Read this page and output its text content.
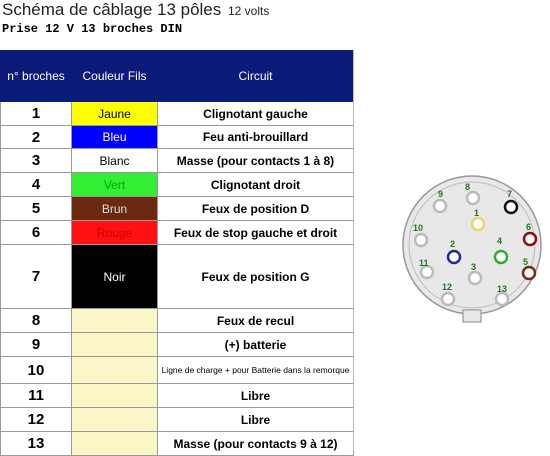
Schéma de câblage 13 pôles 12 volts
Prise 12 V 13 broches DIN
n° broches	Couleur Fils	Circuit
1	Jaune	Clignotant gauche
2	Bleu	Feu anti-brouillard
3	Blanc	Masse (pour contacts 1 à 8)
4	Vert	Clignotant droit
5	Brun	Feux de position D
6	Rouge	Feux de stop gauche et droit
7	Noir	Feux de position G
8		Feux de recul
9		(+) batterie
10		Ligne de charge + pour Batterie dans la remorque
11		Libre
12		Libre
13		Masse (pour contacts 9 à 12)
1
2
3
4
5
6
7
8
9
10
11
12	13
